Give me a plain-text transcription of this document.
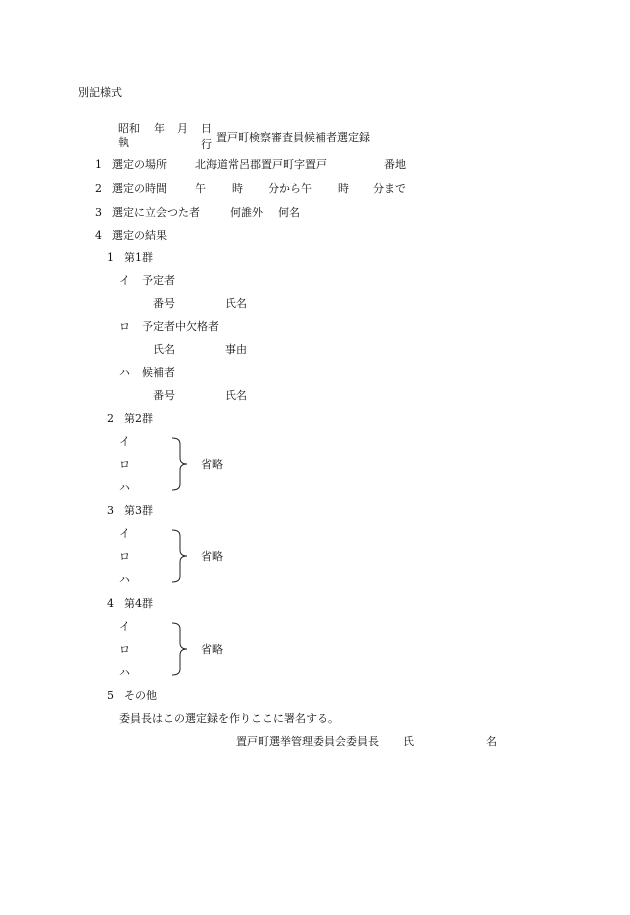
別記様式
昭和 年 月 日
執	行
置戸町検察審査員候補者選定録
1 選定の場所	北海道常呂郡置戸町字置戸	番地
2 選定の時間	午 時 分から午 時 分まで
3 選定に立会つた者	何誰外 何名
4 選定の結果
1 第1群
イ 予定者
番号	氏名
ロ 予定者中欠格者
氏名	事由
ハ 候補者
番号	氏名
2 第2群
イ
ロ
ハ
省略
3 第3群
イ
ロ
ハ
省略
4 第4群
イ
ロ
ハ
省略
5 その他
委員長はこの選定録を作りここに署名する。
置戸町選挙管理委員会委員長 氏	名
